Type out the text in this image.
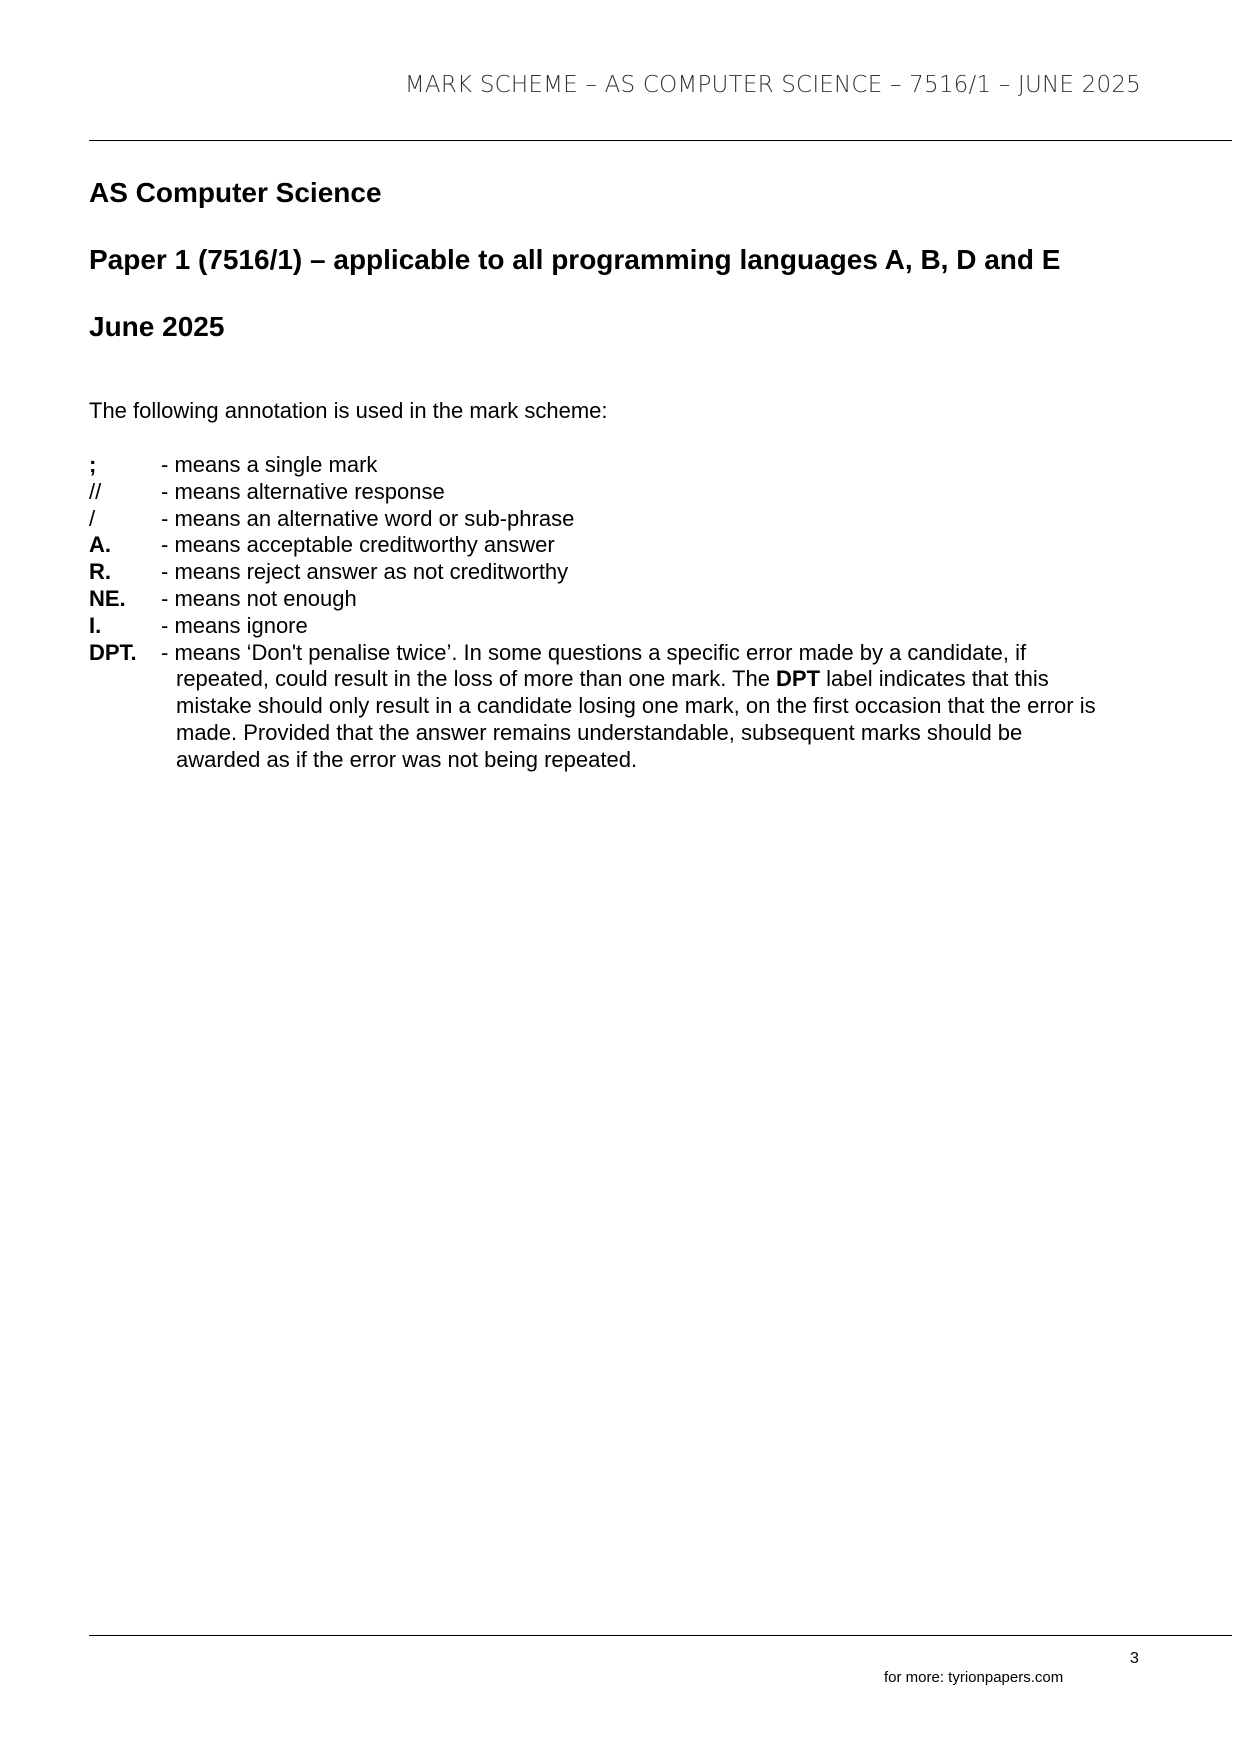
MARK SCHEME – AS COMPUTER SCIENCE – 7516/1 – JUNE 2025
AS Computer Science
Paper 1 (7516/1) – applicable to all programming languages A, B, D and E
June 2025
The following annotation is used in the mark scheme:
;	- means a single mark
//	- means alternative response
/	- means an alternative word or sub-phrase
A.	- means acceptable creditworthy answer
R.	- means reject answer as not creditworthy
NE.	- means not enough
I.	- means ignore
DPT.	- means ‘Don't penalise twice’. In some questions a specific error made by a candidate, if
repeated, could result in the loss of more than one mark. The DPT label indicates that this
mistake should only result in a candidate losing one mark, on the first occasion that the error is
made. Provided that the answer remains understandable, subsequent marks should be
awarded as if the error was not being repeated.
3
for more: tyrionpapers.com
